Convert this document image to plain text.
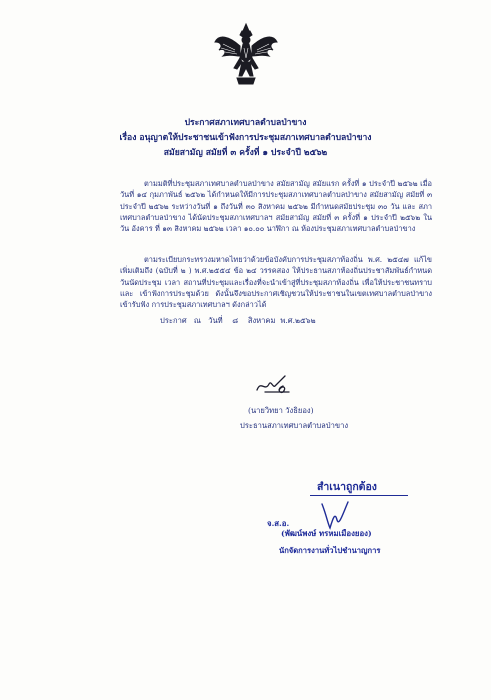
ประกาศสภาเทศบาลตำบลป่าขาง
เรื่อง อนุญาตให้ประชาชนเข้าฟังการประชุมสภาเทศบาลตำบลป่าขาง
สมัยสามัญ สมัยที่ ๓ ครั้งที่ ๑ ประจำปี ๒๕๖๒
ตามมติที่ประชุมสภาเทศบาลตำบลป่าขาง สมัยสามัญ สมัยแรก ครั้งที่ ๑ ประจำปี ๒๕๖๒ เมื่อวันที่ ๑๔ กุมภาพันธ์ ๒๕๖๒ ได้กำหนดให้มีการประชุมสภาเทศบาลตำบลป่าขาง สมัยสามัญ สมัยที่ ๓ ประจำปี ๒๕๖๒ ระหว่างวันที่ ๑ ถึงวันที่ ๓๐ สิงหาคม ๒๕๖๒ มีกำหนดสมัยประชุม ๓๐ วัน และ สภาเทศบาลตำบลป่าขาง ได้นัดประชุมสภาเทศบาลฯ สมัยสามัญ สมัยที่ ๓ ครั้งที่ ๑ ประจำปี ๒๕๖๒ ในวัน อังคาร ที่ ๑๓ สิงหาคม ๒๕๖๒ เวลา ๑๐.๐๐ นาฬิกา ณ ห้องประชุมสภาเทศบาลตำบลป่าขาง
ตามระเบียบกระทรวงมหาดไทยว่าด้วยข้อบังคับการประชุมสภาท้องถิ่น พ.ศ. ๒๕๔๗ แก้ไขเพิ่มเติมถึง (ฉบับที่ ๒ ) พ.ศ.๒๕๕๔ ข้อ ๒๔ วรรคสอง ให้ประธานสภาท้องถิ่นประชาสัมพันธ์กำหนด วันนัดประชุม เวลา สถานที่ประชุมและเรื่องที่จะนำเข้าสู่ที่ประชุมสภาท้องถิ่น เพื่อให้ประชาชนทราบและ เข้าฟังการประชุมด้วย ดังนั้นจึงขอประกาศเชิญชวนให้ประชาชนในเขตเทศบาลตำบลป่าขาง เข้ารับฟัง การประชุมสภาเทศบาลฯ ดังกล่าวได้
ประกาศ   ณ   วันที่    ๘    สิงหาคม  พ.ศ.๒๕๖๒
(นายวิทยา วังธิยอง)
ประธานสภาเทศบาลตำบลป่าขาง
สำเนาถูกต้อง
จ.ส.อ.
(พัฒน์พงษ์ ทรหมเมืองยอง)
นักจัดการงานทั่วไปชำนาญการ
